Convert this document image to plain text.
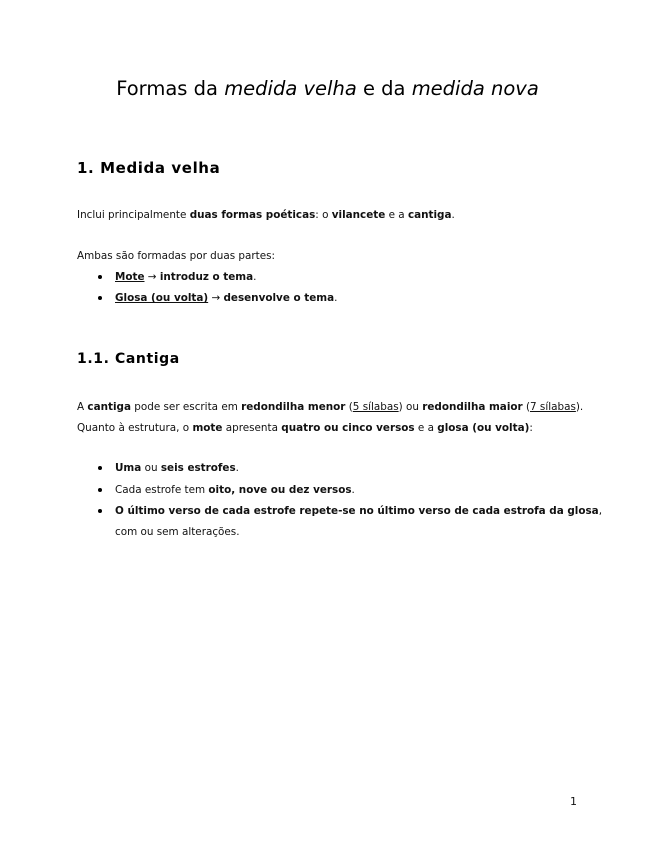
Formas da medida velha e da medida nova
1. Medida velha
Inclui principalmente duas formas poéticas: o vilancete e a cantiga.
Ambas são formadas por duas partes:
Mote → introduz o tema.
Glosa (ou volta) → desenvolve o tema.
1.1. Cantiga
A cantiga pode ser escrita em redondilha menor (5 sílabas) ou redondilha maior (7 sílabas).
Quanto à estrutura, o mote apresenta quatro ou cinco versos e a glosa (ou volta):
Uma ou seis estrofes.
Cada estrofe tem oito, nove ou dez versos.
O último verso de cada estrofe repete-se no último verso de cada estrofa da glosa,
com ou sem alterações.
1
